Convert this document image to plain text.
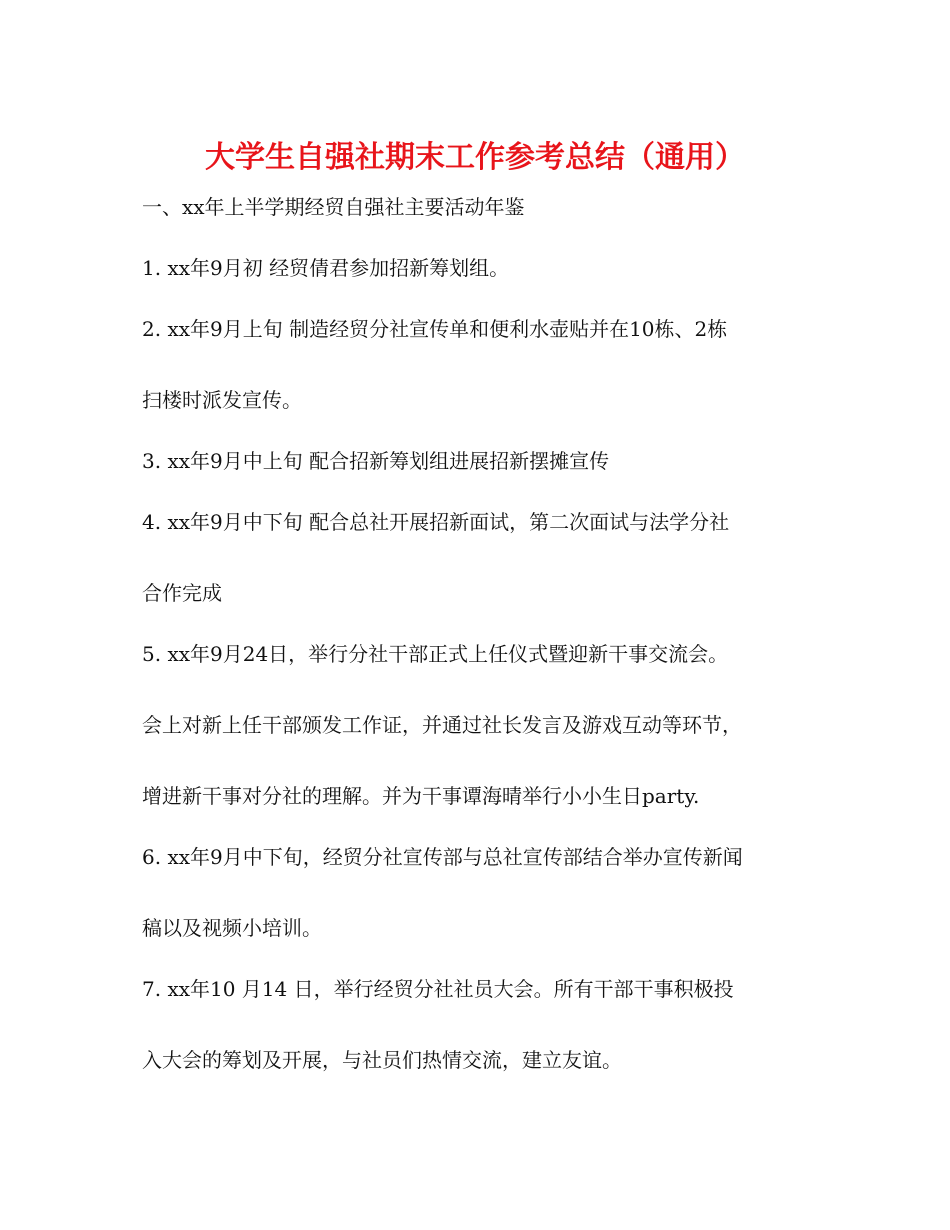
大学生自强社期末工作参考总结（通用）
一、xx年上半学期经贸自强社主要活动年鉴
1. xx年9月初 经贸倩君参加招新筹划组。
2. xx年9月上旬 制造经贸分社宣传单和便利水壶贴并在10栋、2栋
扫楼时派发宣传。
3. xx年9月中上旬 配合招新筹划组进展招新摆摊宣传
4. xx年9月中下旬 配合总社开展招新面试，第二次面试与法学分社
合作完成
5. xx年9月24日，举行分社干部正式上任仪式暨迎新干事交流会。
会上对新上任干部颁发工作证，并通过社长发言及游戏互动等环节，
增进新干事对分社的理解。并为干事谭海晴举行小小生日party.
6. xx年9月中下旬，经贸分社宣传部与总社宣传部结合举办宣传新闻
稿以及视频小培训。
7. xx年10 月14 日，举行经贸分社社员大会。所有干部干事积极投
入大会的筹划及开展，与社员们热情交流，建立友谊。
